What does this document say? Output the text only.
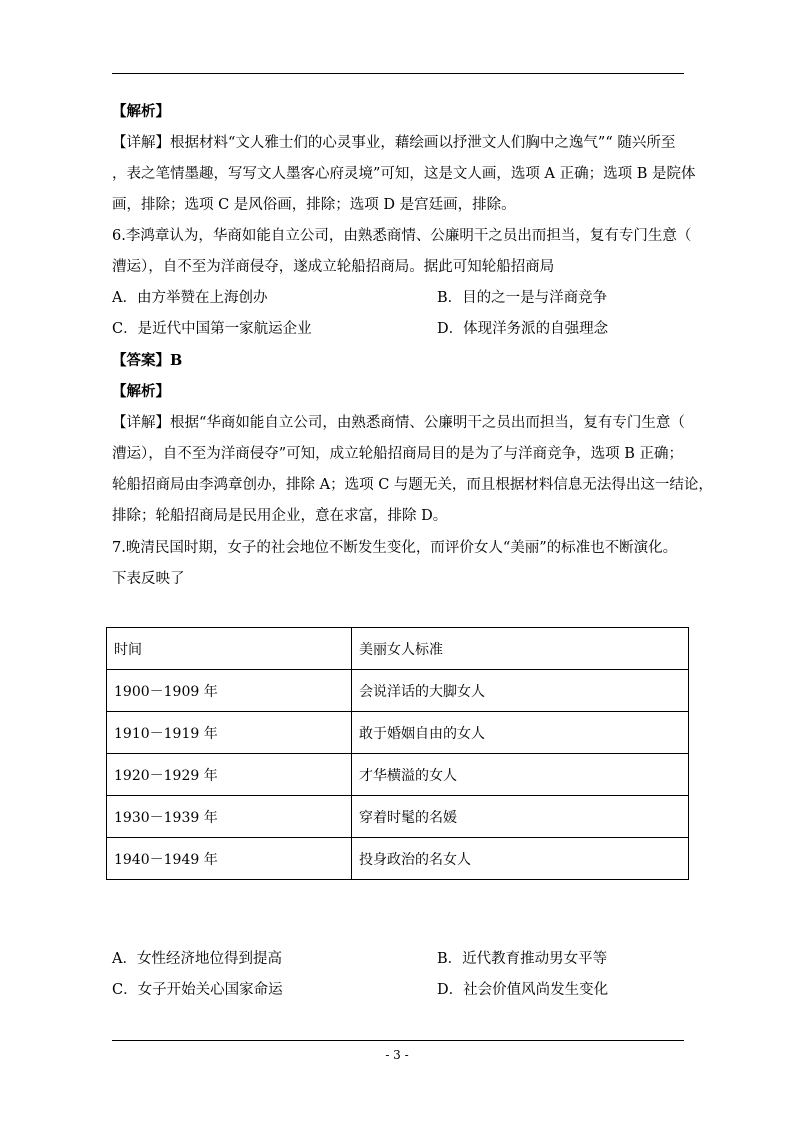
【解析】
【详解】根据材料“文人雅士们的心灵事业，藉绘画以抒泄文人们胸中之逸气”“ 随兴所至
，表之笔情墨趣，写写文人墨客心府灵境”可知，这是文人画，选项 A 正确；选项 B 是院体
画，排除；选项 C 是风俗画，排除；选项 D 是宫廷画，排除。
6.李鸿章认为，华商如能自立公司，由熟悉商情、公廉明干之员出而担当，复有专门生意（
漕运），自不至为洋商侵夺，遂成立轮船招商局。据此可知轮船招商局
A．由方举赞在上海创办	B．目的之一是与洋商竞争
C．是近代中国第一家航运企业	D．体现洋务派的自强理念
【答案】B
【解析】
【详解】根据“华商如能自立公司，由熟悉商情、公廉明干之员出而担当，复有专门生意（
漕运），自不至为洋商侵夺”可知，成立轮船招商局目的是为了与洋商竞争，选项 B 正确；
轮船招商局由李鸿章创办，排除 A；选项 C 与题无关，而且根据材料信息无法得出这一结论，
排除；轮船招商局是民用企业，意在求富，排除 D。
7.晚清民国时期，女子的社会地位不断发生变化，而评价女人“美丽”的标准也不断演化。
下表反映了
时间	美丽女人标准
1900－1909 年	会说洋话的大脚女人
1910－1919 年	敢于婚姻自由的女人
1920－1929 年	才华横溢的女人
1930－1939 年	穿着时髦的名媛
1940－1949 年	投身政治的名女人
A．女性经济地位得到提高	B．近代教育推动男女平等
C．女子开始关心国家命运	D．社会价值风尚发生变化
- 3 -
